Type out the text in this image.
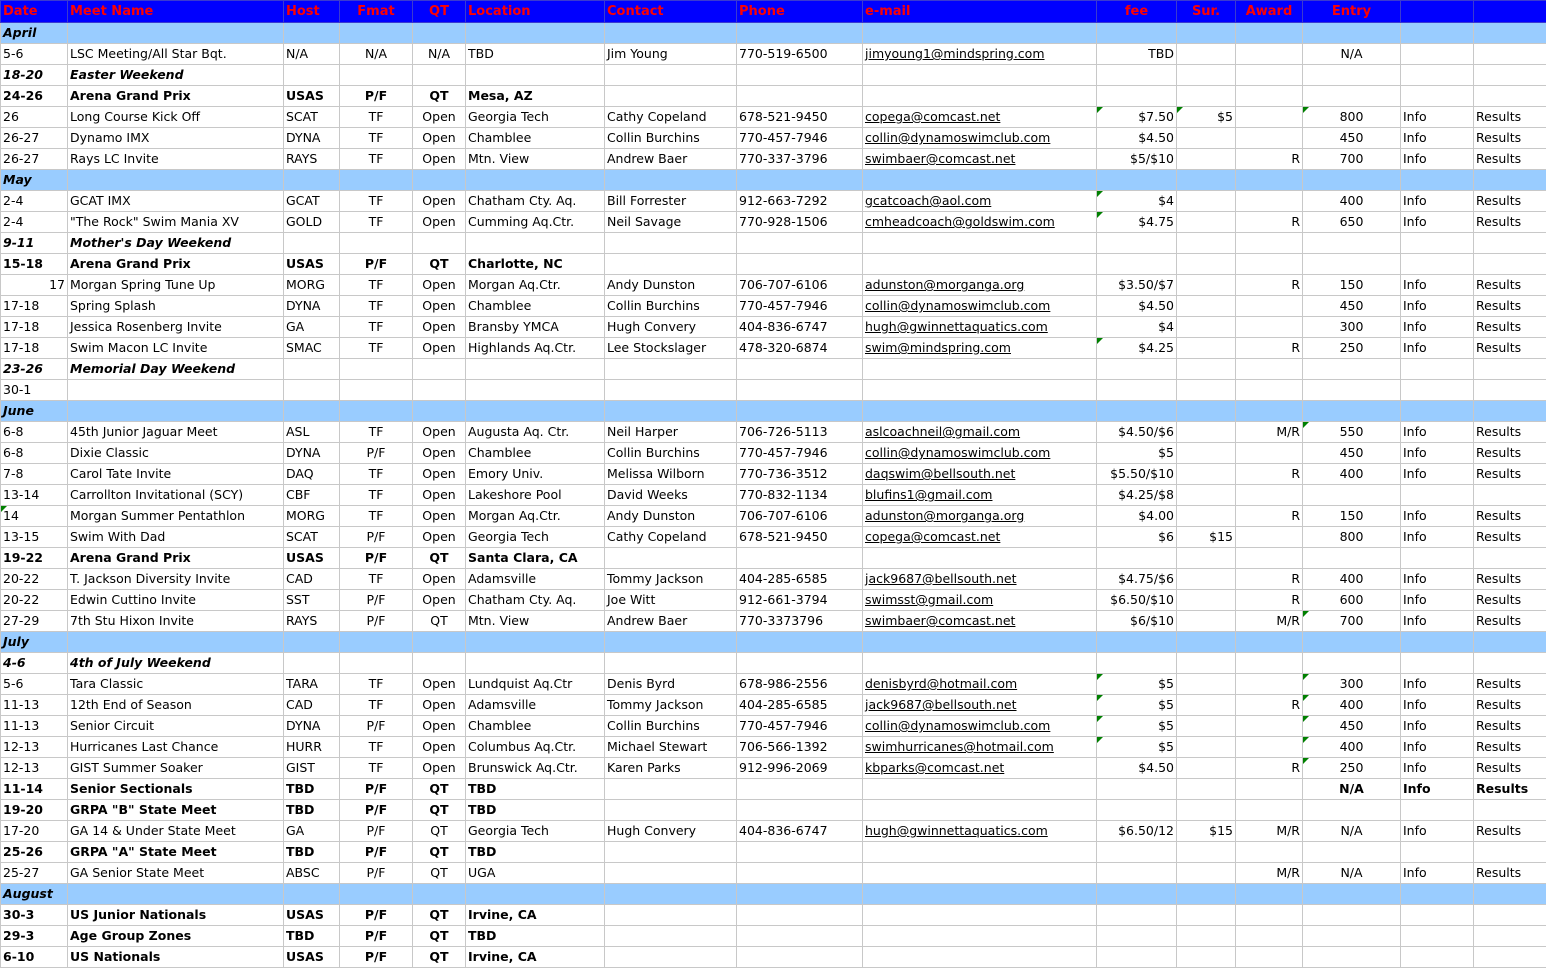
Date	Meet Name	Host	Fmat	QT	Location	Contact	Phone	e-mail	fee	Sur.	Award	Entry		
April														
5-6	LSC Meeting/All Star Bqt.	N/A	N/A	N/A	TBD	Jim Young	770-519-6500	jimyoung1@mindspring.com	TBD			N/A		
18-20	Easter Weekend													
24-26	Arena Grand Prix	USAS	P/F	QT	Mesa, AZ									
26	Long Course Kick Off	SCAT	TF	Open	Georgia Tech	Cathy Copeland	678-521-9450	copega@comcast.net	$7.50	$5		800	Info	Results
26-27	Dynamo IMX	DYNA	TF	Open	Chamblee	Collin Burchins	770-457-7946	collin@dynamoswimclub.com	$4.50			450	Info	Results
26-27	Rays LC Invite	RAYS	TF	Open	Mtn. View	Andrew Baer	770-337-3796	swimbaer@comcast.net	$5/$10		R	700	Info	Results
May														
2-4	GCAT IMX	GCAT	TF	Open	Chatham Cty. Aq.	Bill Forrester	912-663-7292	gcatcoach@aol.com	$4			400	Info	Results
2-4	"The Rock" Swim Mania XV	GOLD	TF	Open	Cumming Aq.Ctr.	Neil Savage	770-928-1506	cmheadcoach@goldswim.com	$4.75		R	650	Info	Results
9-11	Mother's Day Weekend													
15-18	Arena Grand Prix	USAS	P/F	QT	Charlotte, NC									
17	Morgan Spring Tune Up	MORG	TF	Open	Morgan Aq.Ctr.	Andy Dunston	706-707-6106	adunston@morganga.org	$3.50/$7		R	150	Info	Results
17-18	Spring Splash	DYNA	TF	Open	Chamblee	Collin Burchins	770-457-7946	collin@dynamoswimclub.com	$4.50			450	Info	Results
17-18	Jessica Rosenberg Invite	GA	TF	Open	Bransby YMCA	Hugh Convery	404-836-6747	hugh@gwinnettaquatics.com	$4			300	Info	Results
17-18	Swim Macon LC Invite	SMAC	TF	Open	Highlands Aq.Ctr.	Lee Stockslager	478-320-6874	swim@mindspring.com	$4.25		R	250	Info	Results
23-26	Memorial Day Weekend													
30-1														
June														
6-8	45th Junior Jaguar Meet	ASL	TF	Open	Augusta Aq. Ctr.	Neil Harper	706-726-5113	aslcoachneil@gmail.com	$4.50/$6		M/R	550	Info	Results
6-8	Dixie Classic	DYNA	P/F	Open	Chamblee	Collin Burchins	770-457-7946	collin@dynamoswimclub.com	$5			450	Info	Results
7-8	Carol Tate Invite	DAQ	TF	Open	Emory Univ.	Melissa Wilborn	770-736-3512	daqswim@bellsouth.net	$5.50/$10		R	400	Info	Results
13-14	Carrollton Invitational (SCY)	CBF	TF	Open	Lakeshore Pool	David Weeks	770-832-1134	blufins1@gmail.com	$4.25/$8					
14	Morgan Summer Pentathlon	MORG	TF	Open	Morgan Aq.Ctr.	Andy Dunston	706-707-6106	adunston@morganga.org	$4.00		R	150	Info	Results
13-15	Swim With Dad	SCAT	P/F	Open	Georgia Tech	Cathy Copeland	678-521-9450	copega@comcast.net	$6	$15		800	Info	Results
19-22	Arena Grand Prix	USAS	P/F	QT	Santa Clara, CA									
20-22	T. Jackson Diversity Invite	CAD	TF	Open	Adamsville	Tommy Jackson	404-285-6585	jack9687@bellsouth.net	$4.75/$6		R	400	Info	Results
20-22	Edwin Cuttino Invite	SST	P/F	Open	Chatham Cty. Aq.	Joe Witt	912-661-3794	swimsst@gmail.com	$6.50/$10		R	600	Info	Results
27-29	7th Stu Hixon Invite	RAYS	P/F	QT	Mtn. View	Andrew Baer	770-3373796	swimbaer@comcast.net	$6/$10		M/R	700	Info	Results
July														
4-6	4th of July Weekend													
5-6	Tara Classic	TARA	TF	Open	Lundquist Aq.Ctr	Denis Byrd	678-986-2556	denisbyrd@hotmail.com	$5			300	Info	Results
11-13	12th End of Season	CAD	TF	Open	Adamsville	Tommy Jackson	404-285-6585	jack9687@bellsouth.net	$5		R	400	Info	Results
11-13	Senior Circuit	DYNA	P/F	Open	Chamblee	Collin Burchins	770-457-7946	collin@dynamoswimclub.com	$5			450	Info	Results
12-13	Hurricanes Last Chance	HURR	TF	Open	Columbus Aq.Ctr.	Michael Stewart	706-566-1392	swimhurricanes@hotmail.com	$5			400	Info	Results
12-13	GIST Summer Soaker	GIST	TF	Open	Brunswick Aq.Ctr.	Karen Parks	912-996-2069	kbparks@comcast.net	$4.50		R	250	Info	Results
11-14	Senior Sectionals	TBD	P/F	QT	TBD							N/A	Info	Results
19-20	GRPA "B" State Meet	TBD	P/F	QT	TBD									
17-20	GA 14 & Under State Meet	GA	P/F	QT	Georgia Tech	Hugh Convery	404-836-6747	hugh@gwinnettaquatics.com	$6.50/12	$15	M/R	N/A	Info	Results
25-26	GRPA "A" State Meet	TBD	P/F	QT	TBD									
25-27	GA Senior State Meet	ABSC	P/F	QT	UGA						M/R	N/A	Info	Results
August														
30-3	US Junior Nationals	USAS	P/F	QT	Irvine, CA									
29-3	Age Group Zones	TBD	P/F	QT	TBD									
6-10	US Nationals	USAS	P/F	QT	Irvine, CA									
